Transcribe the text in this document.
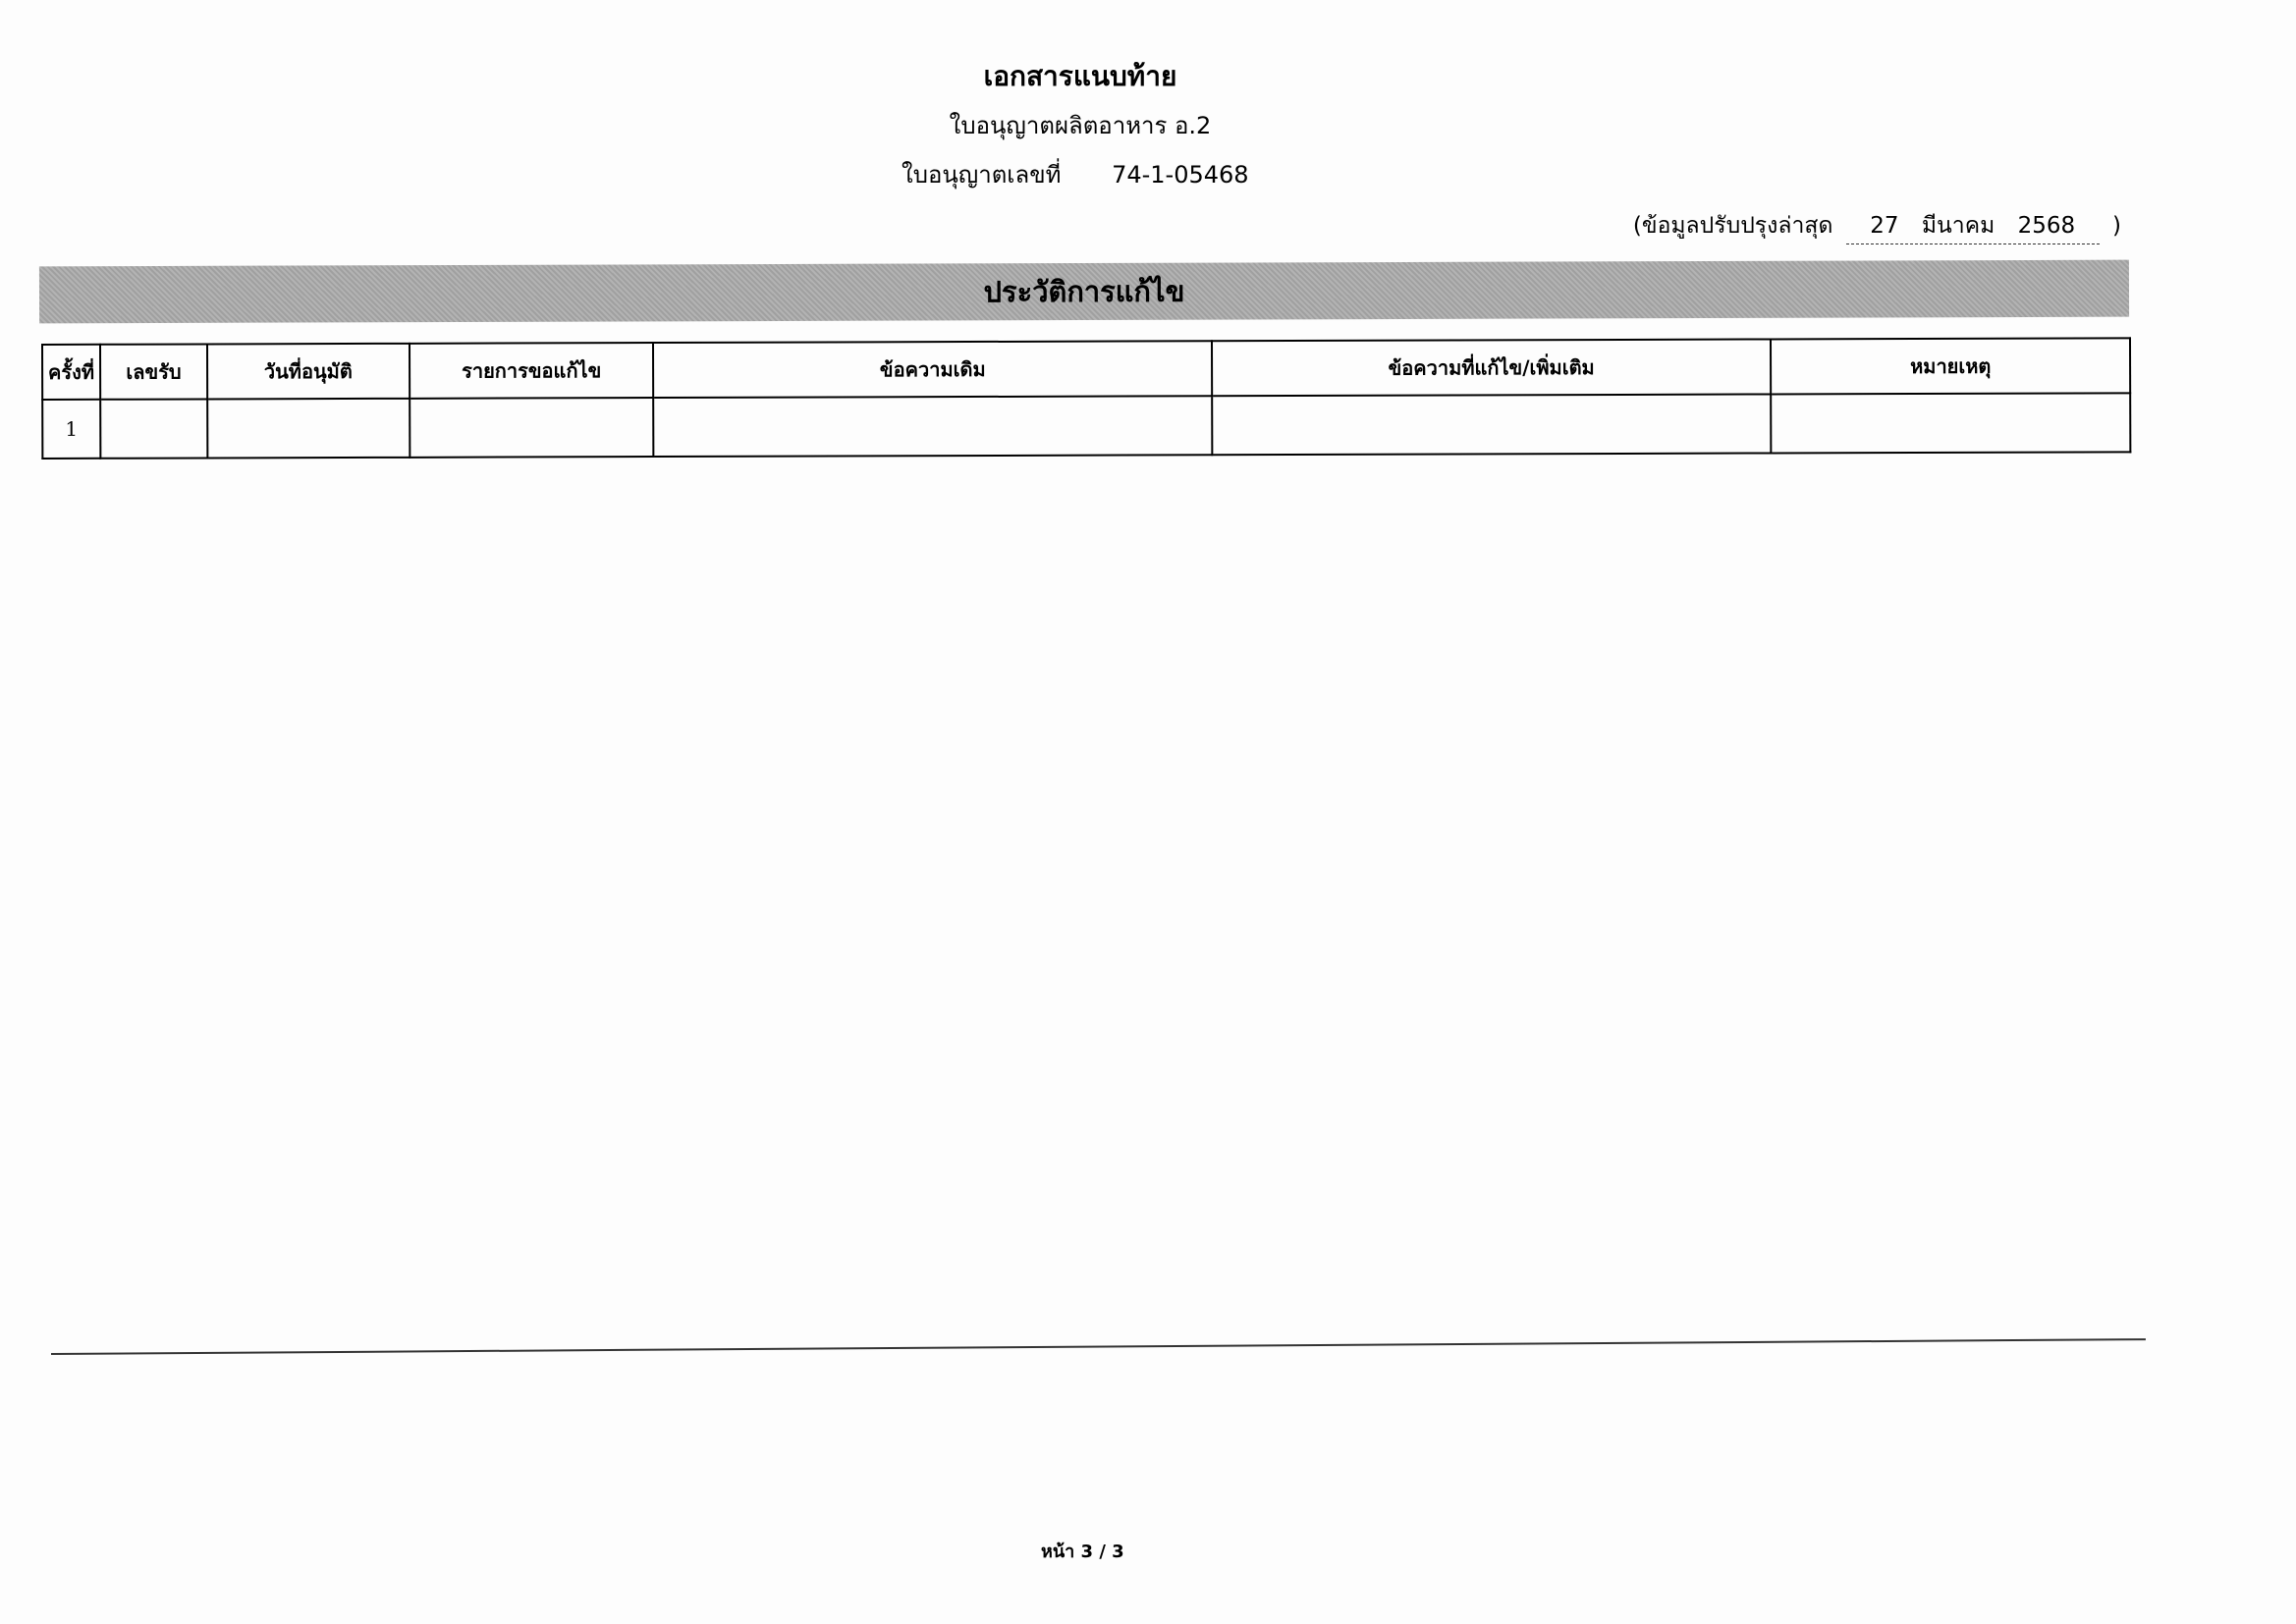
เอกสารแนบท้าย
ใบอนุญาตผลิตอาหาร อ.2
ใบอนุญาตเลขที่ 74-1-05468
(ข้อมูลปรับปรุงล่าสุด 27 มีนาคม 2568 )
ประวัติการแก้ไข
ครั้งที่	เลขรับ	วันที่อนุมัติ	รายการขอแก้ไข	ข้อความเดิม	ข้อความที่แก้ไข/เพิ่มเติม	หมายเหตุ
1						
หน้า 3 / 3
